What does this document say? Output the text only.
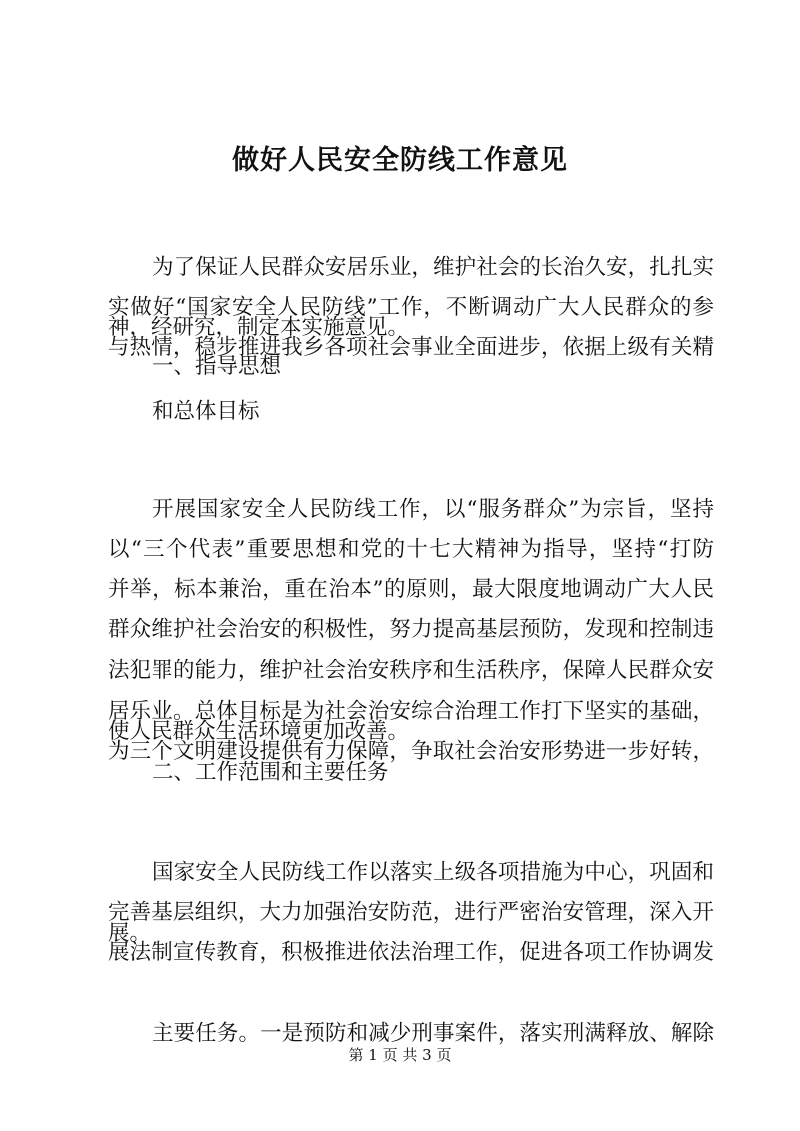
做好人民安全防线工作意见

为了保证人民群众安居乐业，维护社会的长治久安，扎扎实

实做好“国家安全人民防线”工作，不断调动广大人民群众的参

与热情，稳步推进我乡各项社会事业全面进步，依据上级有关精

神，经研究，制定本实施意见。
一、指导思想
和总体目标

开展国家安全人民防线工作，以“服务群众”为宗旨，坚持

以“三个代表”重要思想和党的十七大精神为指导，坚持“打防

并举，标本兼治，重在治本”的原则，最大限度地调动广大人民

群众维护社会治安的积极性，努力提高基层预防，发现和控制违

法犯罪的能力，维护社会治安秩序和生活秩序，保障人民群众安

居乐业。总体目标是为社会治安综合治理工作打下坚实的基础，

为三个文明建设提供有力保障，争取社会治安形势进一步好转，

使人民群众生活环境更加改善。
二、工作范围和主要任务

国家安全人民防线工作以落实上级各项措施为中心，巩固和

完善基层组织，大力加强治安防范，进行严密治安管理，深入开

展法制宣传教育，积极推进依法治理工作，促进各项工作协调发

展。

主要任务。一是预防和减少刑事案件，落实刑满释放、解除

第 1 页 共 3 页
